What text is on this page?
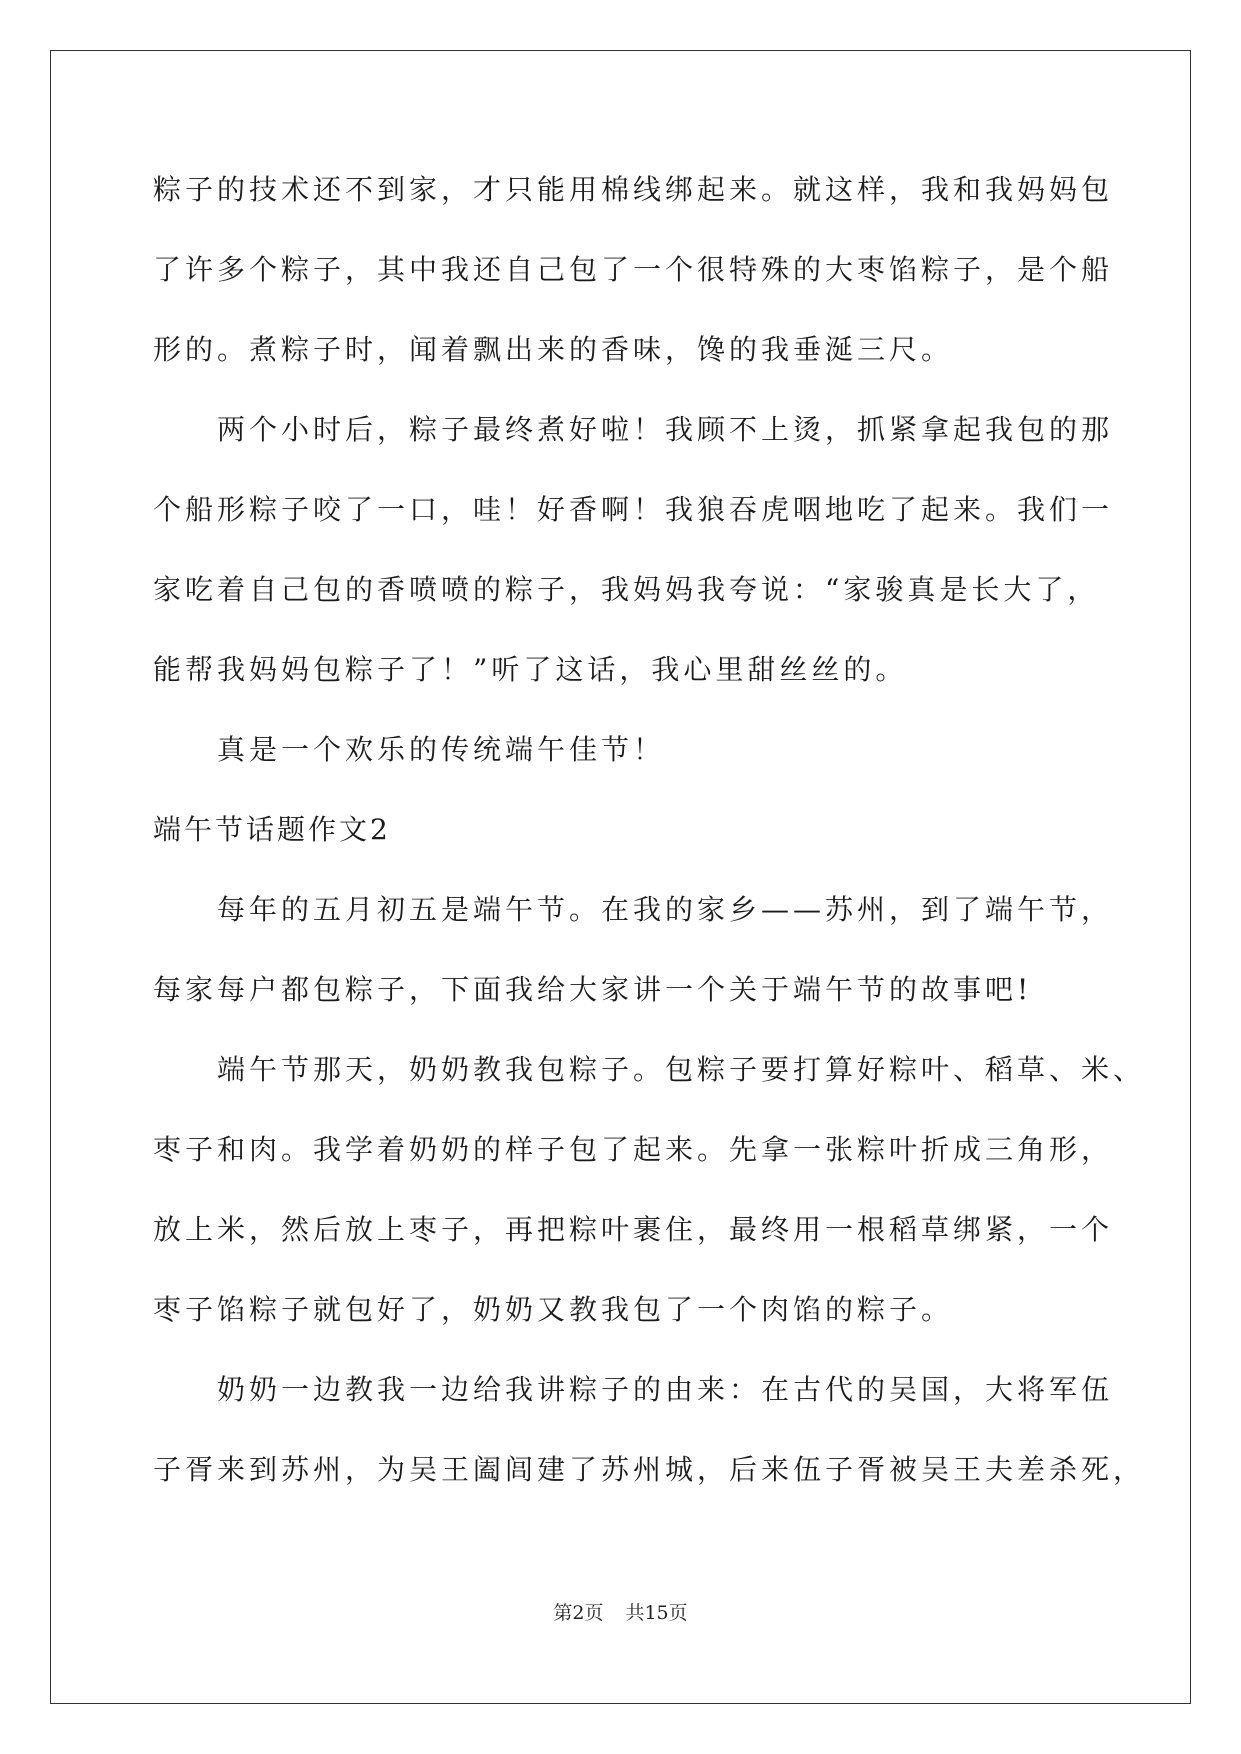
粽子的技术还不到家，才只能用棉线绑起来。就这样，我和我妈妈包
了许多个粽子，其中我还自己包了一个很特殊的大枣馅粽子，是个船
形的。煮粽子时，闻着飘出来的香味，馋的我垂涎三尺。
两个小时后，粽子最终煮好啦！我顾不上烫，抓紧拿起我包的那
个船形粽子咬了一口，哇！好香啊！我狼吞虎咽地吃了起来。我们一
家吃着自己包的香喷喷的粽子，我妈妈我夸说：“家骏真是长大了，
能帮我妈妈包粽子了！”听了这话，我心里甜丝丝的。
真是一个欢乐的传统端午佳节！
端午节话题作文2
每年的五月初五是端午节。在我的家乡——苏州，到了端午节，
每家每户都包粽子，下面我给大家讲一个关于端午节的故事吧!
端午节那天，奶奶教我包粽子。包粽子要打算好粽叶、稻草、米、
枣子和肉。我学着奶奶的样子包了起来。先拿一张粽叶折成三角形，
放上米，然后放上枣子，再把粽叶裹住，最终用一根稻草绑紧，一个
枣子馅粽子就包好了，奶奶又教我包了一个肉馅的粽子。
奶奶一边教我一边给我讲粽子的由来：在古代的吴国，大将军伍
子胥来到苏州，为吴王阖闾建了苏州城，后来伍子胥被吴王夫差杀死，
第2页 共15页
